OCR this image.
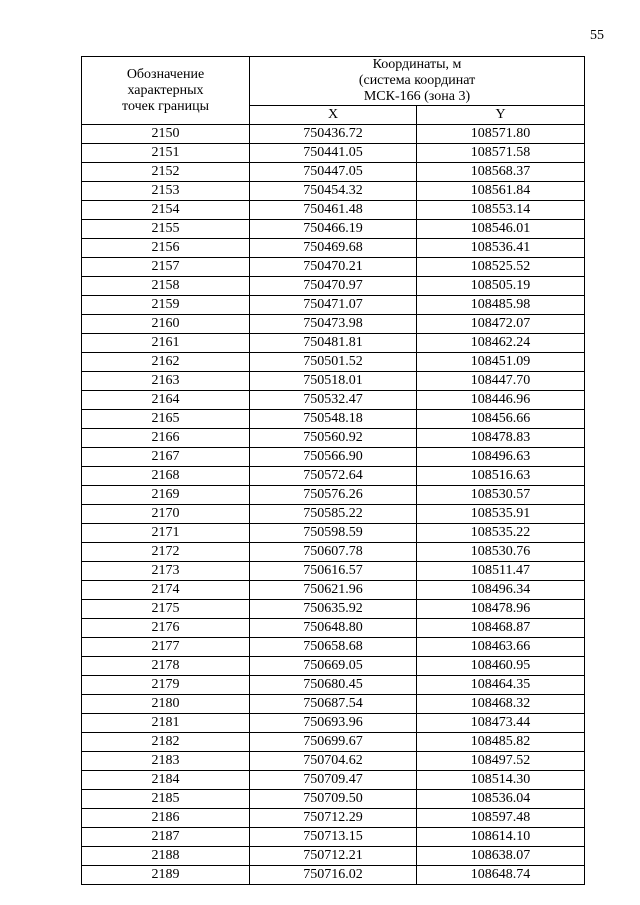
55
Обозначение
характерных
точек границы	Координаты, м
(система координат
МСК-166 (зона 3)	

	X	Y
2150	750436.72	108571.80
2151	750441.05	108571.58
2152	750447.05	108568.37
2153	750454.32	108561.84
2154	750461.48	108553.14
2155	750466.19	108546.01
2156	750469.68	108536.41
2157	750470.21	108525.52
2158	750470.97	108505.19
2159	750471.07	108485.98
2160	750473.98	108472.07
2161	750481.81	108462.24
2162	750501.52	108451.09
2163	750518.01	108447.70
2164	750532.47	108446.96
2165	750548.18	108456.66
2166	750560.92	108478.83
2167	750566.90	108496.63
2168	750572.64	108516.63
2169	750576.26	108530.57
2170	750585.22	108535.91
2171	750598.59	108535.22
2172	750607.78	108530.76
2173	750616.57	108511.47
2174	750621.96	108496.34
2175	750635.92	108478.96
2176	750648.80	108468.87
2177	750658.68	108463.66
2178	750669.05	108460.95
2179	750680.45	108464.35
2180	750687.54	108468.32
2181	750693.96	108473.44
2182	750699.67	108485.82
2183	750704.62	108497.52
2184	750709.47	108514.30
2185	750709.50	108536.04
2186	750712.29	108597.48
2187	750713.15	108614.10
2188	750712.21	108638.07
2189	750716.02	108648.74
